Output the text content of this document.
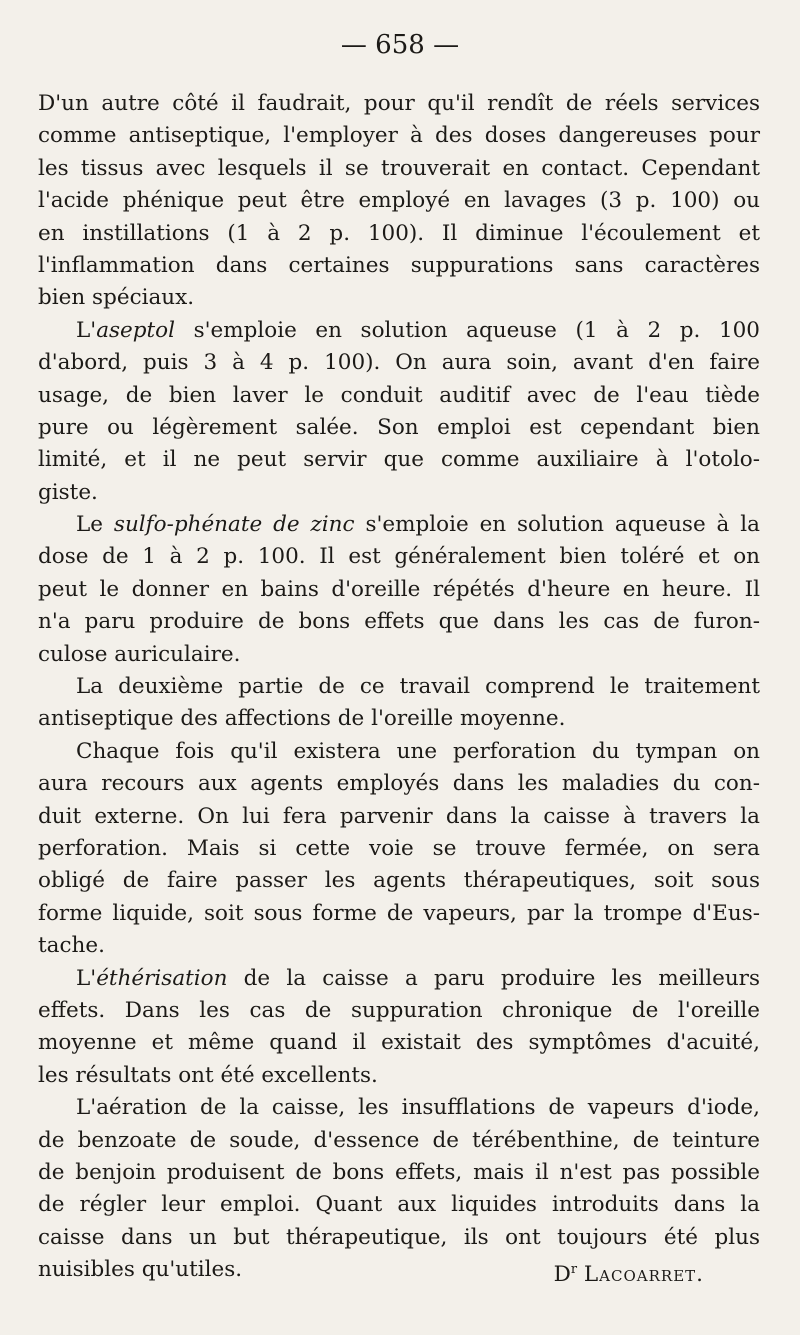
— 658 —
D'un autre côté il faudrait, pour qu'il rendît de réels services
comme antiseptique, l'employer à des doses dangereuses pour
les tissus avec lesquels il se trouverait en contact. Cependant
l'acide phénique peut être employé en lavages (3 p. 100) ou
en instillations (1 à 2 p. 100). Il diminue l'écoulement et
l'inflammation dans certaines suppurations sans caractères
bien spéciaux.
L'aseptol s'emploie en solution aqueuse (1 à 2 p. 100
d'abord, puis 3 à 4 p. 100). On aura soin, avant d'en faire
usage, de bien laver le conduit auditif avec de l'eau tiède
pure ou légèrement salée. Son emploi est cependant bien
limité, et il ne peut servir que comme auxiliaire à l'otolo-
giste.
Le sulfo-phénate de zinc s'emploie en solution aqueuse à la
dose de 1 à 2 p. 100. Il est généralement bien toléré et on
peut le donner en bains d'oreille répétés d'heure en heure. Il
n'a paru produire de bons effets que dans les cas de furon-
culose auriculaire.
La deuxième partie de ce travail comprend le traitement
antiseptique des affections de l'oreille moyenne.
Chaque fois qu'il existera une perforation du tympan on
aura recours aux agents employés dans les maladies du con-
duit externe. On lui fera parvenir dans la caisse à travers la
perforation. Mais si cette voie se trouve fermée, on sera
obligé de faire passer les agents thérapeutiques, soit sous
forme liquide, soit sous forme de vapeurs, par la trompe d'Eus-
tache.
L'éthérisation de la caisse a paru produire les meilleurs
effets. Dans les cas de suppuration chronique de l'oreille
moyenne et même quand il existait des symptômes d'acuité,
les résultats ont été excellents.
L'aération de la caisse, les insufflations de vapeurs d'iode,
de benzoate de soude, d'essence de térébenthine, de teinture
de benjoin produisent de bons effets, mais il n'est pas possible
de régler leur emploi. Quant aux liquides introduits dans la
caisse dans un but thérapeutique, ils ont toujours été plus
nuisibles qu'utiles.	$D^r$ Lacoarret.
